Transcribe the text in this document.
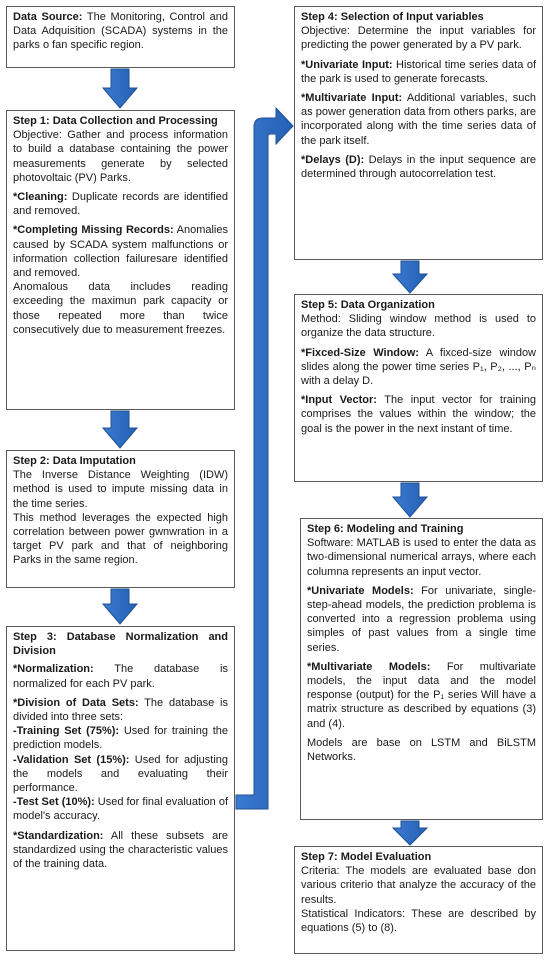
Data Source: The Monitoring, Control and Data Adquisition (SCADA) systems in the parks o fan specific region.

Step 1: Data Collection and Processing

Objective: Gather and process information to build a database containing the power measurements generate by selected photovoltaic (PV) Parks.

*Cleaning: Duplicate records are identified and removed.

*Completing Missing Records: Anomalies caused by SCADA system malfunctions or information collection failuresare identified and removed.

Anomalous data includes reading exceeding the maximun park capacity or those repeated more than twice consecutively due to measurement freezes.

Step 2: Data Imputation

The Inverse Distance Weighting (IDW) method is used to impute missing data in the time series.

This method leverages the expected high correlation between power gwnwration in a target PV park and that of neighboring Parks in the same region.

Step 3: Database Normalization and Division

*Normalization: The database is normalized for each PV park.

*Division of Data Sets: The database is divided into three sets:

-Training Set (75%): Used for training the prediction models.

-Validation Set (15%): Used for adjusting the models and evaluating their performance.

-Test Set (10%): Used for final evaluation of model's accuracy.

*Standardization: All these subsets are standardized using the characteristic values of the training data.

Step 4: Selection of Input variables

Objective: Determine the input variables for predicting the power generated by a PV park.

*Univariate Input: Historical time series data of the park is used to generate forecasts.

*Multivariate Input: Additional variables, such as power generation data from others parks, are incorporated along with the time series data of the park itself.

*Delays (D): Delays in the input sequence are determined through autocorrelation test.

Step 5: Data Organization

Method: Sliding window method is used to organize the data structure.

*Fixced-Size Window: A fixced-size window slides along the power time series P₁, P₂, ..., Pₙ with a delay D.

*Input Vector: The input vector for training comprises the values within the window; the goal is the power in the next instant of time.

Step 6: Modeling and Training

Software: MATLAB is used to enter the data as two-dimensional numerical arrays, where each columna represents an input vector.

*Univariate Models: For univariate, single-step-ahead models, the prediction problema is converted into a regression problema using simples of past values from a single time series.

*Multivariate Models: For multivariate models, the input data and the model response (output) for the P₁ series Will have a matrix structure as described by equations (3) and (4).

Models are base on LSTM and BiLSTM Networks.

Step 7: Model Evaluation

Criteria: The models are evaluated base don various criterio that analyze the accuracy of the results.

Statistical Indicators: These are described by equations (5) to (8).
